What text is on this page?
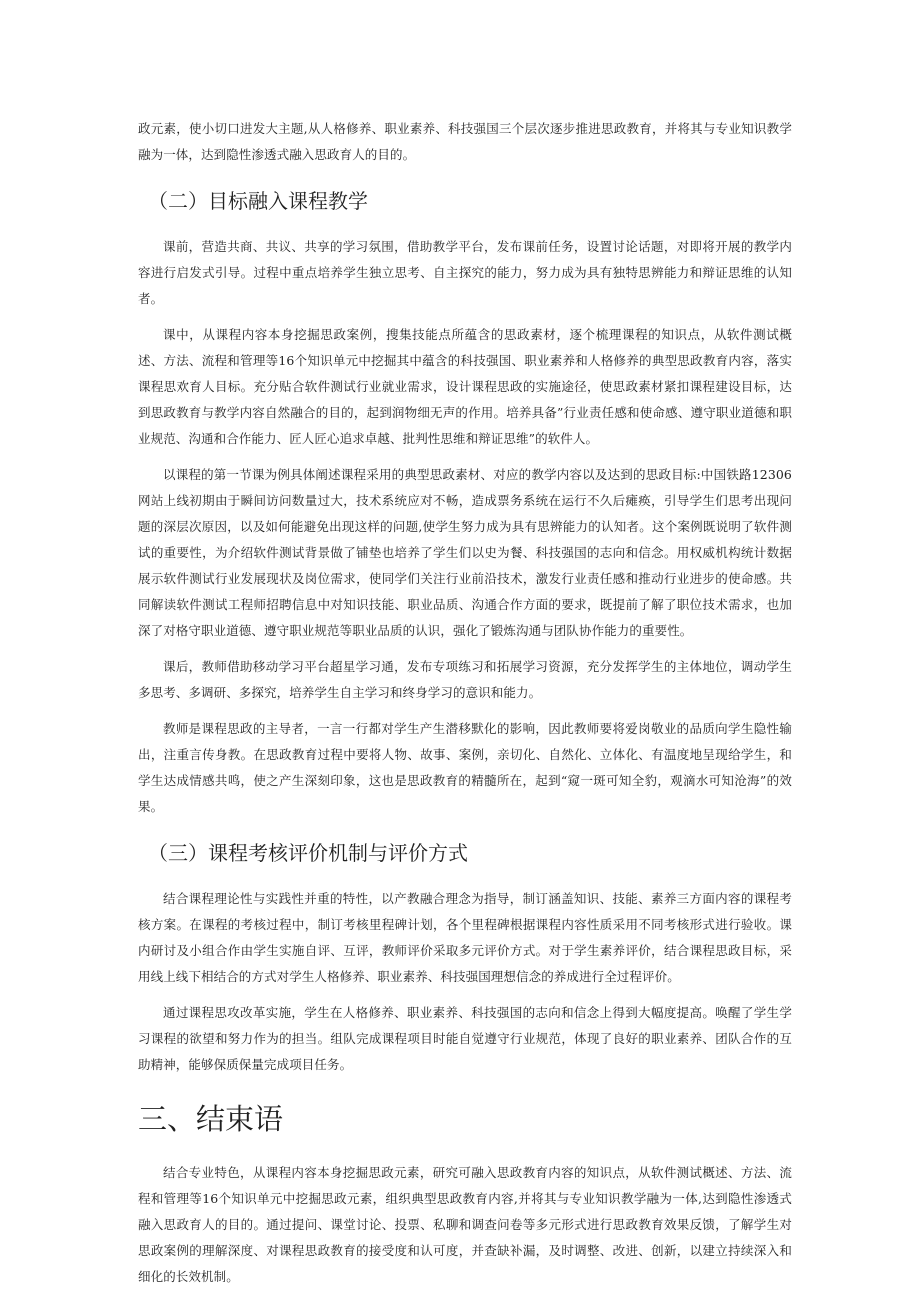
政元素，使小切口进发大主题,从人格修养、职业素养、科技强国三个层次逐步推进思政教育，并将其与专业知识教学融为一体，达到隐性渗透式融入思政育人的目的。

（二）目标融入课程教学

课前，营造共商、共议、共享的学习氛围，借助教学平台，发布课前任务，设置讨论话题，对即将开展的教学内容进行启发式引导。过程中重点培养学生独立思考、自主探究的能力，努力成为具有独特思辨能力和辩证思维的认知者。

课中，从课程内容本身挖掘思政案例，搜集技能点所蕴含的思政素材，逐个梳理课程的知识点，从软件测试概述、方法、流程和管理等16个知识单元中挖掘其中蕴含的科技强国、职业素养和人格修养的典型思政教育内容，落实课程思欢育人目标。充分贴合软件测试行业就业需求，设计课程思政的实施途径，使思政素材紧扣课程建设目标，达到思政教育与教学内容自然融合的目的，起到润物细无声的作用。培养具备”行业责任感和使命感、遵守职业道德和职业规范、沟通和合作能力、匠人匠心追求卓越、批判性思维和辩证思维”的软件人。

以课程的第一节课为例具体阐述课程采用的典型思政素材、对应的教学内容以及达到的思政目标:中国铁路12306网站上线初期由于瞬间访问数量过大，技术系统应对不畅，造成票务系统在运行不久后瘫痪，引导学生们思考出现问题的深层次原因，以及如何能避免出现这样的问题,使学生努力成为具有思辨能力的认知者。这个案例既说明了软件测试的重要性，为介绍软件测试背景做了铺垫也培养了学生们以史为餐、科技强国的志向和信念。用权威机构统计数据展示软件测试行业发展现状及岗位需求，使同学们关注行业前沿技术，激发行业责任感和推动行业进步的使命感。共同解读软件测试工程师招聘信息中对知识技能、职业品质、沟通合作方面的要求，既提前了解了职位技术需求，也加深了对格守职业道德、遵守职业规范等职业品质的认识，强化了锻炼沟通与团队协作能力的重要性。

课后，教师借助移动学习平台超星学习通，发布专项练习和拓展学习资源，充分发挥学生的主体地位，调动学生多思考、多调研、多探究，培养学生自主学习和终身学习的意识和能力。

教师是课程思政的主导者，一言一行都对学生产生潜移默化的影响，因此教师要将爱岗敬业的品质向学生隐性输出，注重言传身教。在思政教育过程中要将人物、故事、案例，亲切化、自然化、立体化、有温度地呈现给学生，和学生达成情感共鸣，使之产生深刻印象，这也是思政教育的精髓所在，起到“窥一斑可知全豹，观滴水可知沧海”的效果。

（三）课程考核评价机制与评价方式

结合课程理论性与实践性并重的特性，以产教融合理念为指导，制订涵盖知识、技能、素养三方面内容的课程考核方案。在课程的考核过程中，制订考核里程碑计划，各个里程碑根据课程内容性质采用不同考核形式进行验收。课内研讨及小组合作由学生实施自评、互评，教师评价采取多元评价方式。对于学生素养评价，结合课程思政目标，采用线上线下相结合的方式对学生人格修养、职业素养、科技强国理想信念的养成进行全过程评价。

通过课程思攻改革实施，学生在人格修养、职业素养、科技强国的志向和信念上得到大幅度提高。唤醒了学生学习课程的欲望和努力作为的担当。组队完成课程项目时能自觉遵守行业规范，体现了良好的职业素养、团队合作的互助精神，能够保质保量完成项目任务。

三、结束语

结合专业特色，从课程内容本身挖掘思政元素，研究可融入思政教育内容的知识点，从软件测试概述、方法、流程和管理等16个知识单元中挖掘思政元素，组织典型思政教育内容,并将其与专业知识教学融为一体,达到隐性渗透式融入思政育人的目的。通过提问、课堂讨论、投票、私聊和调查问卷等多元形式进行思政教育效果反馈，了解学生对思政案例的理解深度、对课程思政教育的接受度和认可度，并查缺补漏，及时调整、改进、创新，以建立持续深入和细化的长效机制。
